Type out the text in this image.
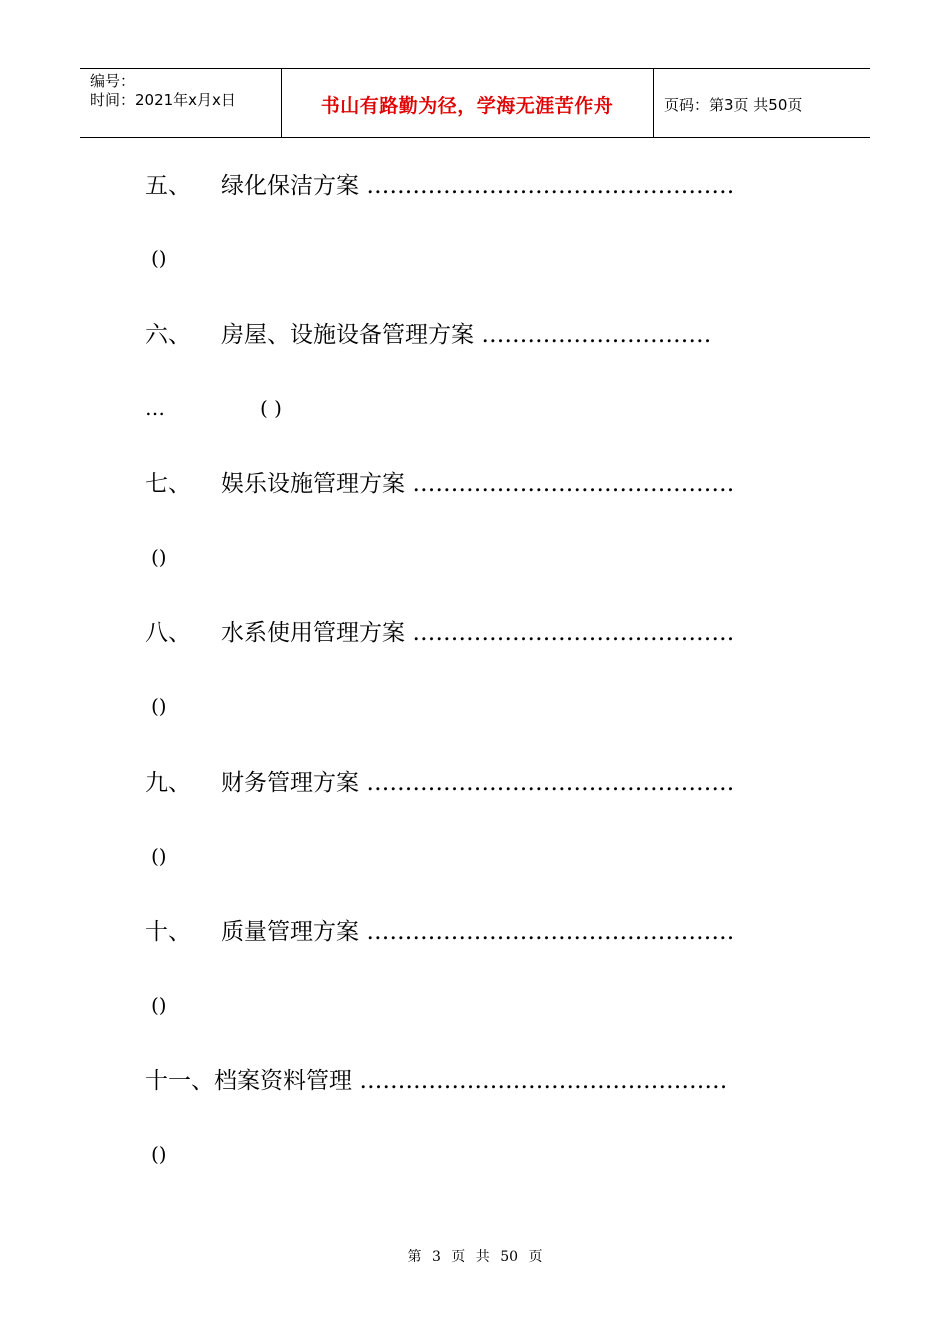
编号：
时间：2021年x月x日	书山有路勤为径，学海无涯苦作舟	页码：第3页 共50页
五、 绿化保洁方案 …………………………………………
()
六、 房屋、设施设备管理方案 …………………………
…	( )
七、 娱乐设施管理方案 ……………………………………
()
八、 水系使用管理方案 ……………………………………
()
九、 财务管理方案 …………………………………………
()
十、 质量管理方案 …………………………………………
()
十一、档案资料管理 …………………………………………
()
第 3 页 共 50 页
